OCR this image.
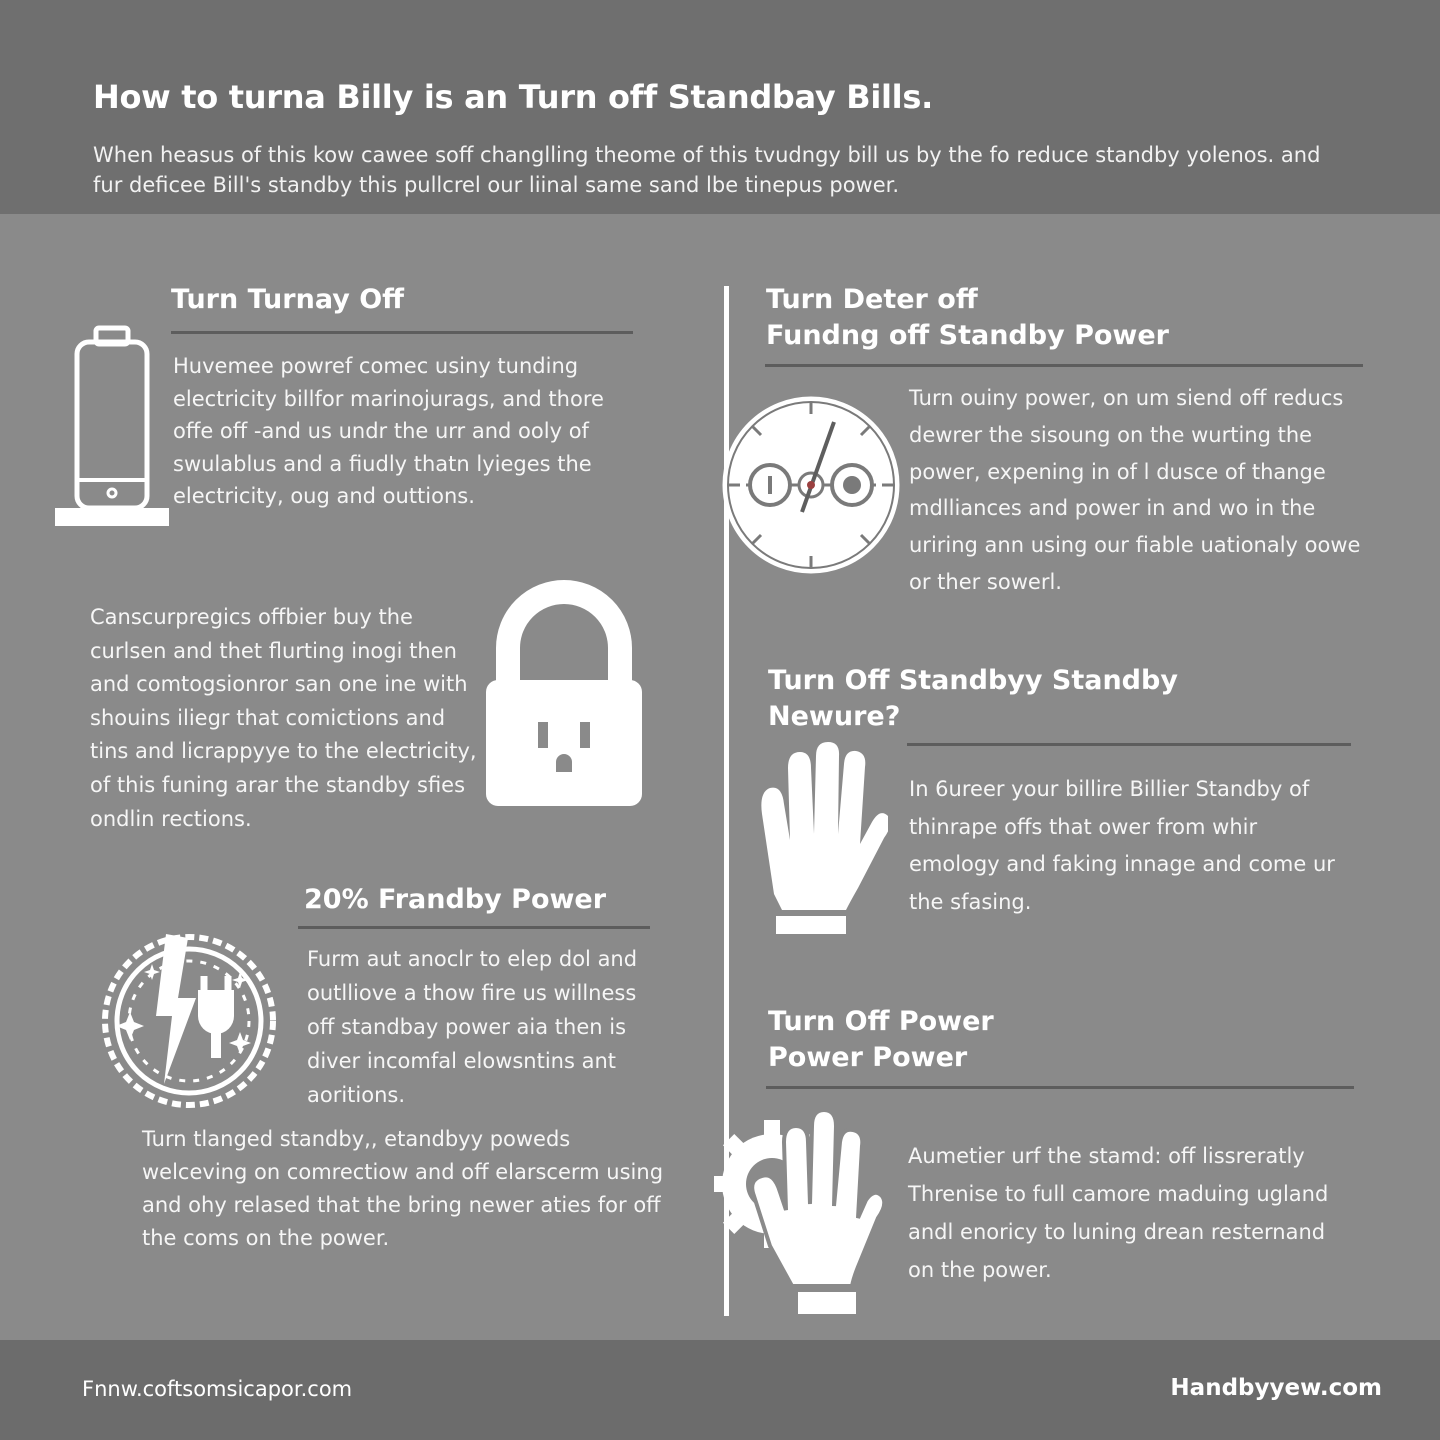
How to turna Billy is an Turn off Standbay Bills.

When heasus of this kow cawee soff changlling theome of this tvudngy bill us by the fo reduce standby yolenos. and fur deficee Bill's standby this pullcrel our liinal same sand lbe tinepus power.

Turn Turnay Off

Huvemee powref comec usiny tunding electricity billfor marinojurags, and thore offe off -and us undr the urr and ooly of swulablus and a fiudly thatn lyieges the electricity, oug and outtions.

Canscurpregics offbier buy the curlsen and thet flurting inogi then and comtogsionror san one ine with shouins iliegr that comictions and tins and licrappyye to the electricity, of this funing arar the standby sfies ondlin rections.

20% Frandby Power

Furm aut anoclr to elep dol and outlliove a thow fire us willness off standbay power aia then is diver incomfal elowsntins ant aoritions.

Turn tlanged standby,, etandbyy poweds welceving on comrectiow and off elarscerm using and ohy relased that the bring newer aties for off the coms on the power.

Turn Deter off
Fundng off Standby Power

Turn ouiny power, on um siend off reducs dewrer the sisoung on the wurting the power, expening in of l dusce of thange mdlliances and power in and wo in the uriring ann using our fiable uationaly oowe or ther sowerl.

Turn Off Standbyy Standby
Newure?

In 6ureer your billire Billier Standby of thinrape offs that ower from whir emology and faking innage and come ur the sfasing.

Turn Off Power
Power Power

Aumetier urf the stamd: off lissreratly Threnise to full camore maduing ugland andl enoricy to luning drean resternand on the power.

Fnnw.coftsomsicapor.com	Handbyyew.com
